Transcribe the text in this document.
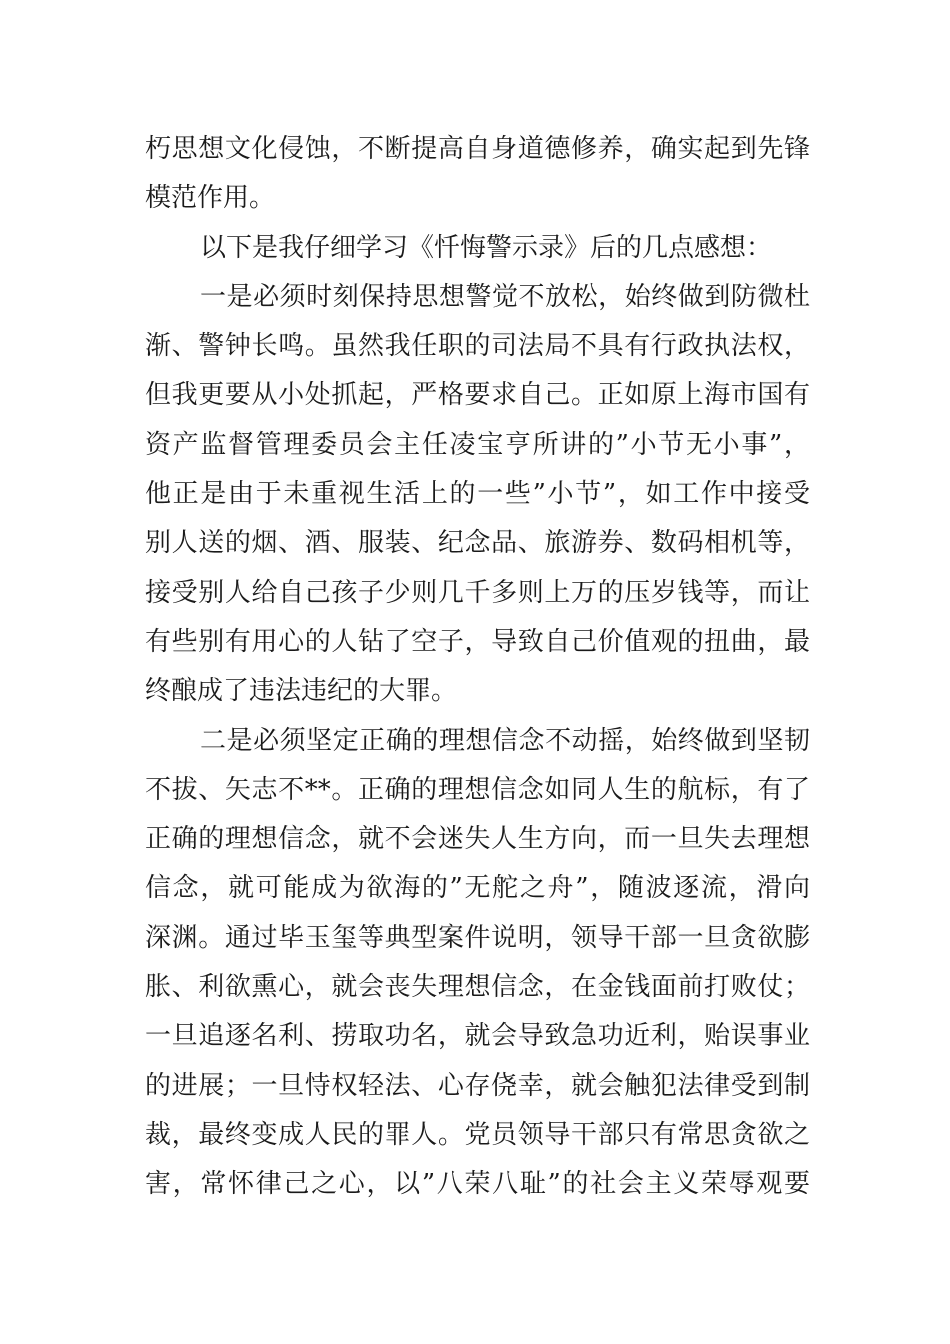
朽思想文化侵蚀，不断提高自身道德修养，确实起到先锋
模范作用。
以下是我仔细学习《忏悔警示录》后的几点感想：
一是必须时刻保持思想警觉不放松，始终做到防微杜
渐、警钟长鸣。虽然我任职的司法局不具有行政执法权，
但我更要从小处抓起，严格要求自己。正如原上海市国有
资产监督管理委员会主任凌宝亨所讲的”小节无小事”，
他正是由于未重视生活上的一些”小节”，如工作中接受
别人送的烟、酒、服装、纪念品、旅游券、数码相机等，
接受别人给自己孩子少则几千多则上万的压岁钱等，而让
有些别有用心的人钻了空子，导致自己价值观的扭曲，最
终酿成了违法违纪的大罪。
二是必须坚定正确的理想信念不动摇，始终做到坚韧
不拔、矢志不**。正确的理想信念如同人生的航标，有了
正确的理想信念，就不会迷失人生方向，而一旦失去理想
信念，就可能成为欲海的”无舵之舟”，随波逐流，滑向
深渊。通过毕玉玺等典型案件说明，领导干部一旦贪欲膨
胀、利欲熏心，就会丧失理想信念，在金钱面前打败仗；
一旦追逐名利、捞取功名，就会导致急功近利，贻误事业
的进展；一旦恃权轻法、心存侥幸，就会触犯法律受到制
裁，最终变成人民的罪人。党员领导干部只有常思贪欲之
害，常怀律己之心，以”八荣八耻”的社会主义荣辱观要
